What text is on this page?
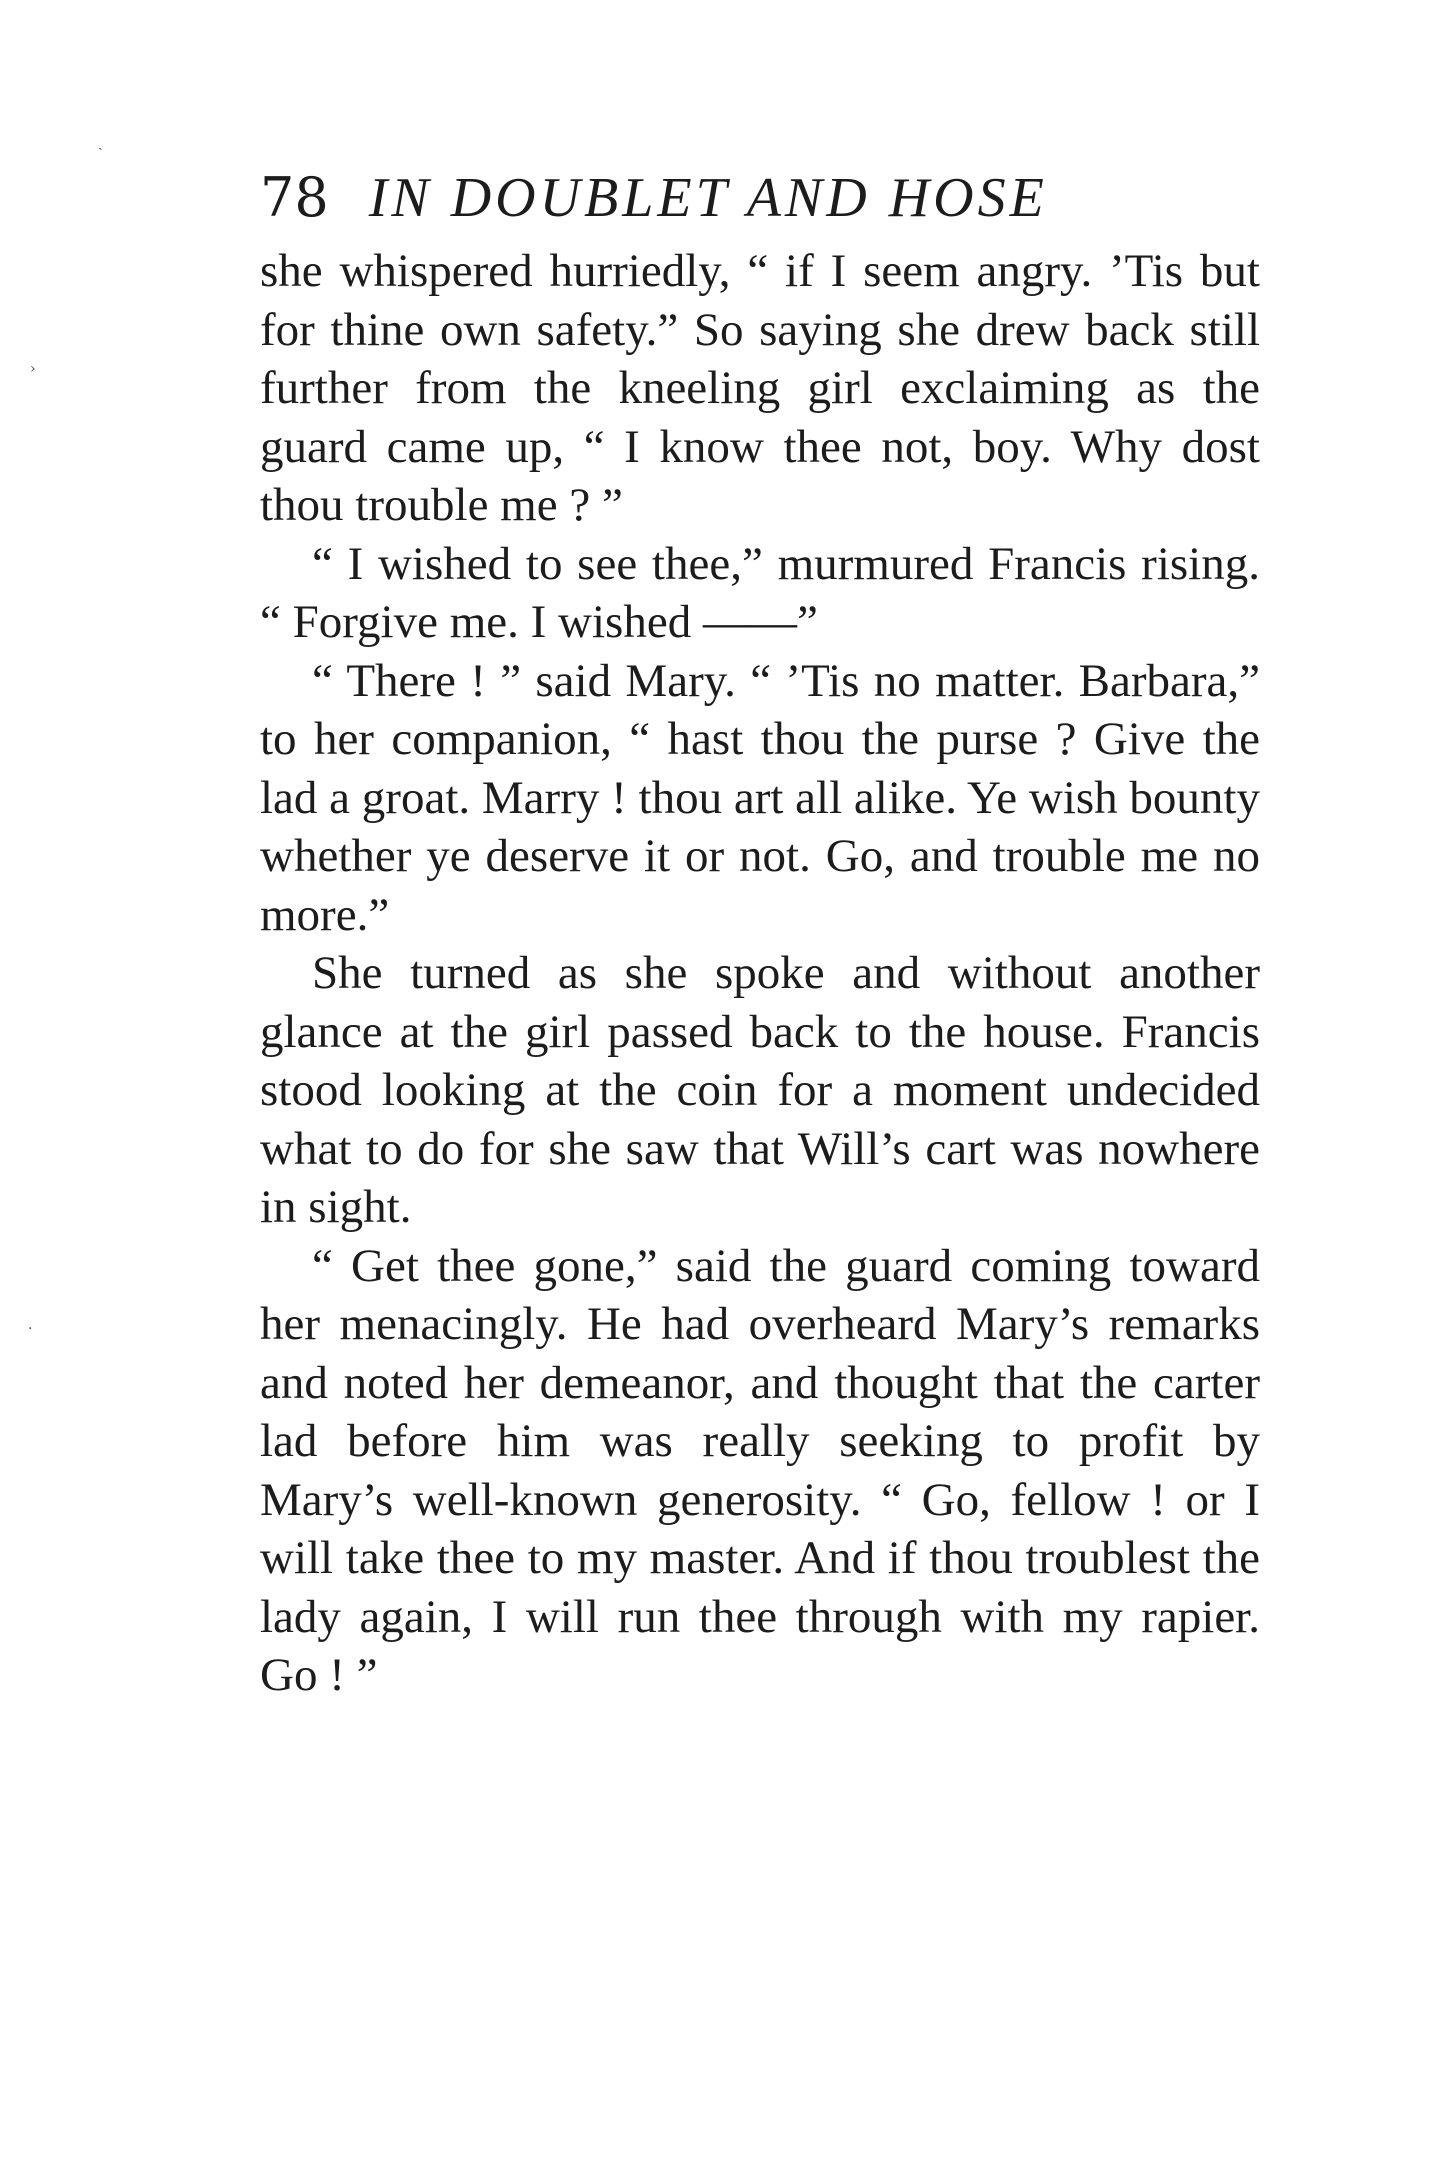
ˏ
›
·
78 IN DOUBLET AND HOSE

she whispered hurriedly, “ if I seem angry. ’Tis but for thine own safety.” So saying she drew back still further from the kneeling girl exclaiming as the guard came up, “ I know thee not, boy. Why dost thou trouble me ? ”

“ I wished to see thee,” murmured Francis rising. “ Forgive me. I wished ——”

“ There ! ” said Mary. “ ’Tis no matter. Barbara,” to her companion, “ hast thou the purse ? Give the lad a groat. Marry ! thou art all alike. Ye wish bounty whether ye deserve it or not. Go, and trouble me no more.”

She turned as she spoke and without another glance at the girl passed back to the house. Francis stood looking at the coin for a moment undecided what to do for she saw that Will’s cart was nowhere in sight.

“ Get thee gone,” said the guard coming toward her menacingly. He had overheard Mary’s remarks and noted her demeanor, and thought that the carter lad before him was really seeking to profit by Mary’s well-known generosity. “ Go, fellow ! or I will take thee to my master. And if thou troublest the lady again, I will run thee through with my rapier. Go ! ”
